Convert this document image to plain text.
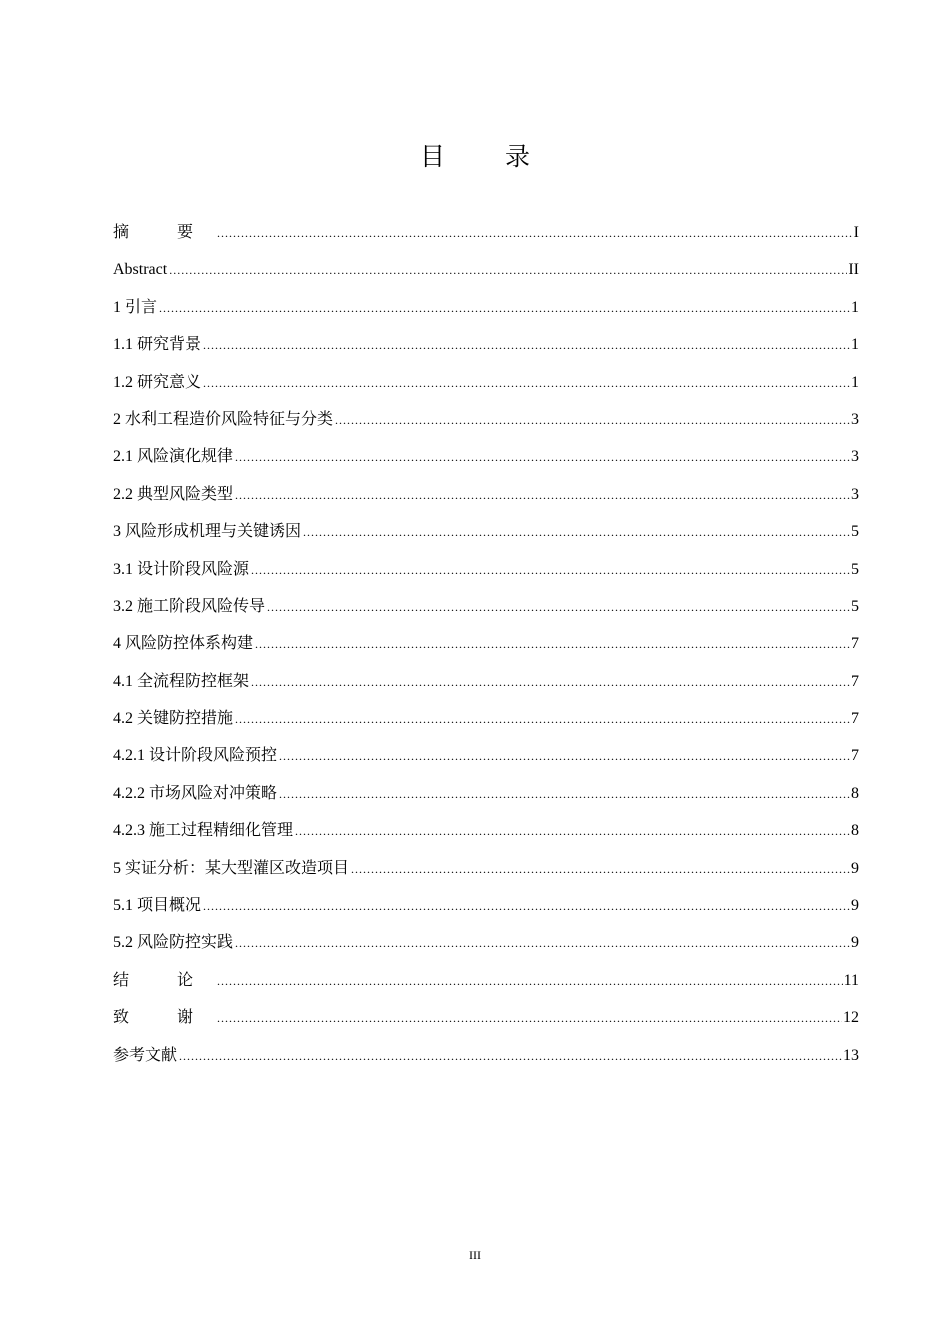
目 录
摘 要 .....	I
Abstract .....	II
1 引言 .....	1
1.1 研究背景 .....	1
1.2 研究意义 .....	1
2 水利工程造价风险特征与分类 .....	3
2.1 风险演化规律 .....	3
2.2 典型风险类型 .....	3
3 风险形成机理与关键诱因 .....	5
3.1 设计阶段风险源 .....	5
3.2 施工阶段风险传导 .....	5
4 风险防控体系构建 .....	7
4.1 全流程防控框架 .....	7
4.2 关键防控措施 .....	7
4.2.1 设计阶段风险预控 .....	7
4.2.2 市场风险对冲策略 .....	8
4.2.3 施工过程精细化管理 .....	8
5 实证分析：某大型灌区改造项目 .....	9
5.1 项目概况 .....	9
5.2 风险防控实践 .....	9
结 论 .....	11
致 谢 .....	12
参考文献 .....	13
III
